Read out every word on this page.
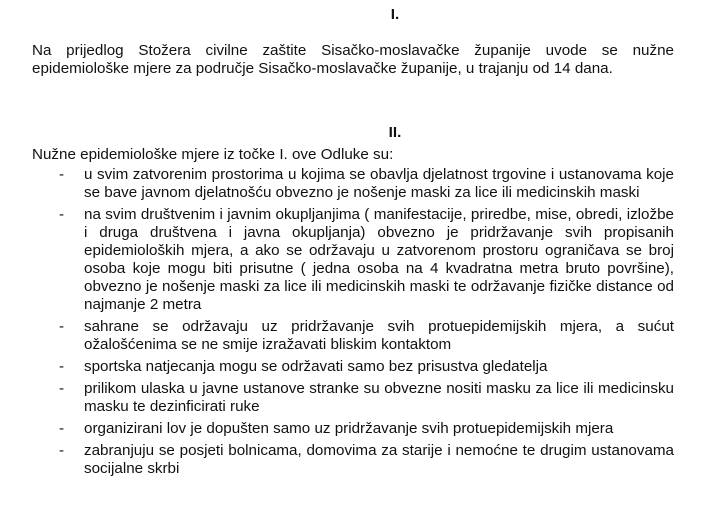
I.

Na prijedlog Stožera civilne zaštite Sisačko-moslavačke županije uvode se nužne epidemiološke mjere za područje Sisačko-moslavačke županije, u trajanju od 14 dana.

II.

Nužne epidemiološke mjere iz točke I. ove Odluke su:

- u svim zatvorenim prostorima u kojima se obavlja djelatnost trgovine i ustanovama koje se bave javnom djelatnošću obvezno je nošenje maski za lice ili medicinskih maski
- na svim društvenim i javnim okupljanjima ( manifestacije, priredbe, mise, obredi, izložbe i druga društvena i javna okupljanja) obvezno je pridržavanje svih propisanih epidemioloških mjera, a ako se održavaju u zatvorenom prostoru ograničava se broj osoba koje mogu biti prisutne ( jedna osoba na 4 kvadratna metra bruto površine), obvezno je nošenje maski za lice ili medicinskih maski te održavanje fizičke distance od najmanje 2 metra
- sahrane se održavaju uz pridržavanje svih protuepidemijskih mjera, a sućut ožalošćenima se ne smije izražavati bliskim kontaktom
- sportska natjecanja mogu se održavati samo bez prisustva gledatelja
- prilikom ulaska u javne ustanove stranke su obvezne nositi masku za lice ili medicinsku masku te dezinficirati ruke
- organizirani lov je dopušten samo uz pridržavanje svih protuepidemijskih mjera
- zabranjuju se posjeti bolnicama, domovima za starije i nemoćne te drugim ustanovama socijalne skrbi
